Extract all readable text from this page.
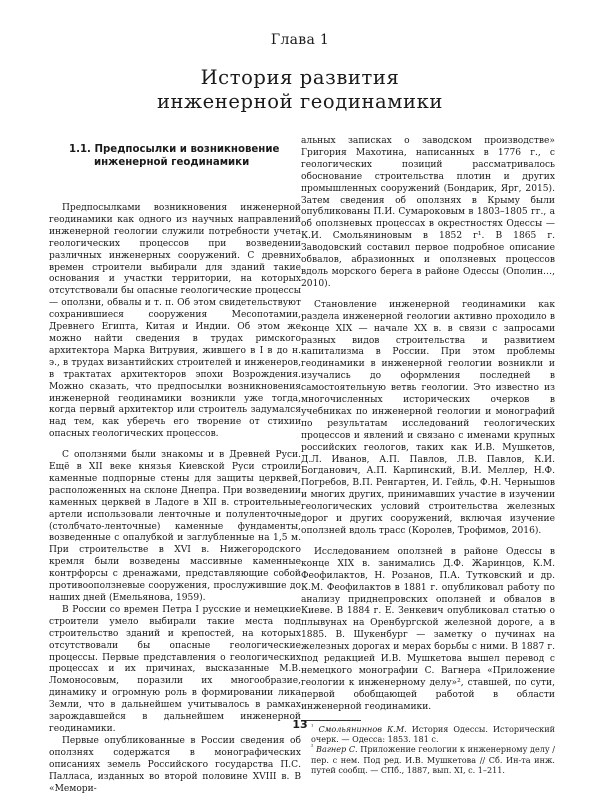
Глава 1
История развития
инженерной геодинамики
1.1. Предпосылки и возникновение
инженерной геодинамики

Предпосылками возникновения инженерной геодинамики как одного из научных направлений инженерной геологии служили потребности учета геологических процессов при возведении различных инженерных сооружений. С древних времен строители выбирали для зданий такие основания и участки территории, на которых отсутствовали бы опасные геологические процессы — оползни, обвалы и т. п. Об этом свидетельствуют сохранившиеся сооружения Месопотамии, Древнего Египта, Китая и Индии. Об этом же можно найти сведения в трудах римского архитектора Марка Витрувия, жившего в I в до н. э., в трудах византийских строителей и инженеров, в трактатах архитекторов эпохи Возрождения. Можно сказать, что предпосылки возникновения инженерной геодинамики возникли уже тогда, когда первый архитектор или строитель задумался над тем, как уберечь его творение от стихии опасных геологических процессов.

С оползнями были знакомы и в Древней Руси. Ещё в XII веке князья Киевской Руси строили каменные подпорные стены для защиты церквей, расположенных на склоне Днепра. При возведении каменных церквей в Ладоге в XII в. строительные артели использовали ленточные и полуленточные (столбчато-ленточные) каменные фундаменты, возведенные с опалубкой и заглубленные на 1,5 м. При строительстве в XVI в. Нижегородского кремля были возведены массивные каменные контрфорсы с дренажами, представляющие собой противооползневые сооружения, прослужившие до наших дней (Емельянова, 1959).

В России со времен Петра I русские и немецкие строители умело выбирали такие места под строительство зданий и крепостей, на которых отсутствовали бы опасные геологические процессы. Первые представления о геологических процессах и их причинах, высказанные М.В. Ломоносовым, поразили их многообразие, динамику и огромную роль в формировании лика Земли, что в дальнейшем учитывалось в рамках зарождавшейся в дальнейшем инженерной геодинамики.

Первые опубликованные в России сведения об оползнях содержатся в монографических описаниях земель Российского государства П.С. Палласа, изданных во второй половине XVIII в. В «Мемори-

альных записках о заводском производстве» Григория Махотина, написанных в 1776 г., с геологических позиций рассматривалось обоснование строительства плотин и других промышленных сооружений (Бондарик, Ярг, 2015). Затем сведения об оползнях в Крыму были опубликованы П.И. Сумароковым в 1803–1805 гг., а об оползневых процессах в окрестностях Одессы — К.И. Смольяниновым в 1852 г¹. В 1865 г. Заводовский составил первое подробное описание обвалов, абразионных и оползневых процессов вдоль морского берега в районе Одессы (Ополин…, 2010).

Становление инженерной геодинамики как раздела инженерной геологии активно проходило в конце XIX — начале XX в. в связи с запросами разных видов строительства и развитием капитализма в России. При этом проблемы геодинамики в инженерной геологии возникли и изучались до оформления последней в самостоятельную ветвь геологии. Это известно из многочисленных исторических очерков в учебниках по инженерной геологии и монографий по результатам исследований геологических процессов и явлений и связано с именами крупных российских геологов, таких как И.В. Мушкетов, Д.Л. Иванов, А.П. Павлов, Л.В. Павлов, К.И. Богданович, А.П. Карпинский, В.И. Меллер, Н.Ф. Погребов, В.П. Ренгартен, И. Гейль, Ф.Н. Чернышов и многих других, принимавших участие в изучении геологических условий строительства железных дорог и других сооружений, включая изучение оползней вдоль трасс (Королев, Трофимов, 2016).

Исследованием оползней в районе Одессы в конце XIX в. занимались Д.Ф. Жаринцов, К.М. Феофилактов, Н. Розанов, П.А. Тутковский и др. К.М. Феофилактов в 1881 г. опубликовал работу по анализу приднепровских оползней и обвалов в Киеве. В 1884 г. Е. Зенкевич опубликовал статью о плывунах на Оренбургской железной дороге, а в 1885. В. Шукенбург — заметку о пучинах на железных дорогах и мерах борьбы с ними. В 1887 г. под редакцией И.В. Мушкетова вышел перевод с немецкого монографии С. Вагнера «Приложение геологии к инженерному делу»², ставшей, по сути, первой обобщающей работой в области инженерной геодинамики.

$^{^1}$ Смольяниннов К.М. История Одессы. Исторический очерк. — Одесса: 1853. 181 с.

$^{^2}$ Вагнер С. Приложение геологии к инженерному делу / пер. с нем. Под ред. И.В. Мушкетова // Сб. Ин-та инж. путей сообщ. — СПб., 1887, вып. XI, с. 1–211.

13
